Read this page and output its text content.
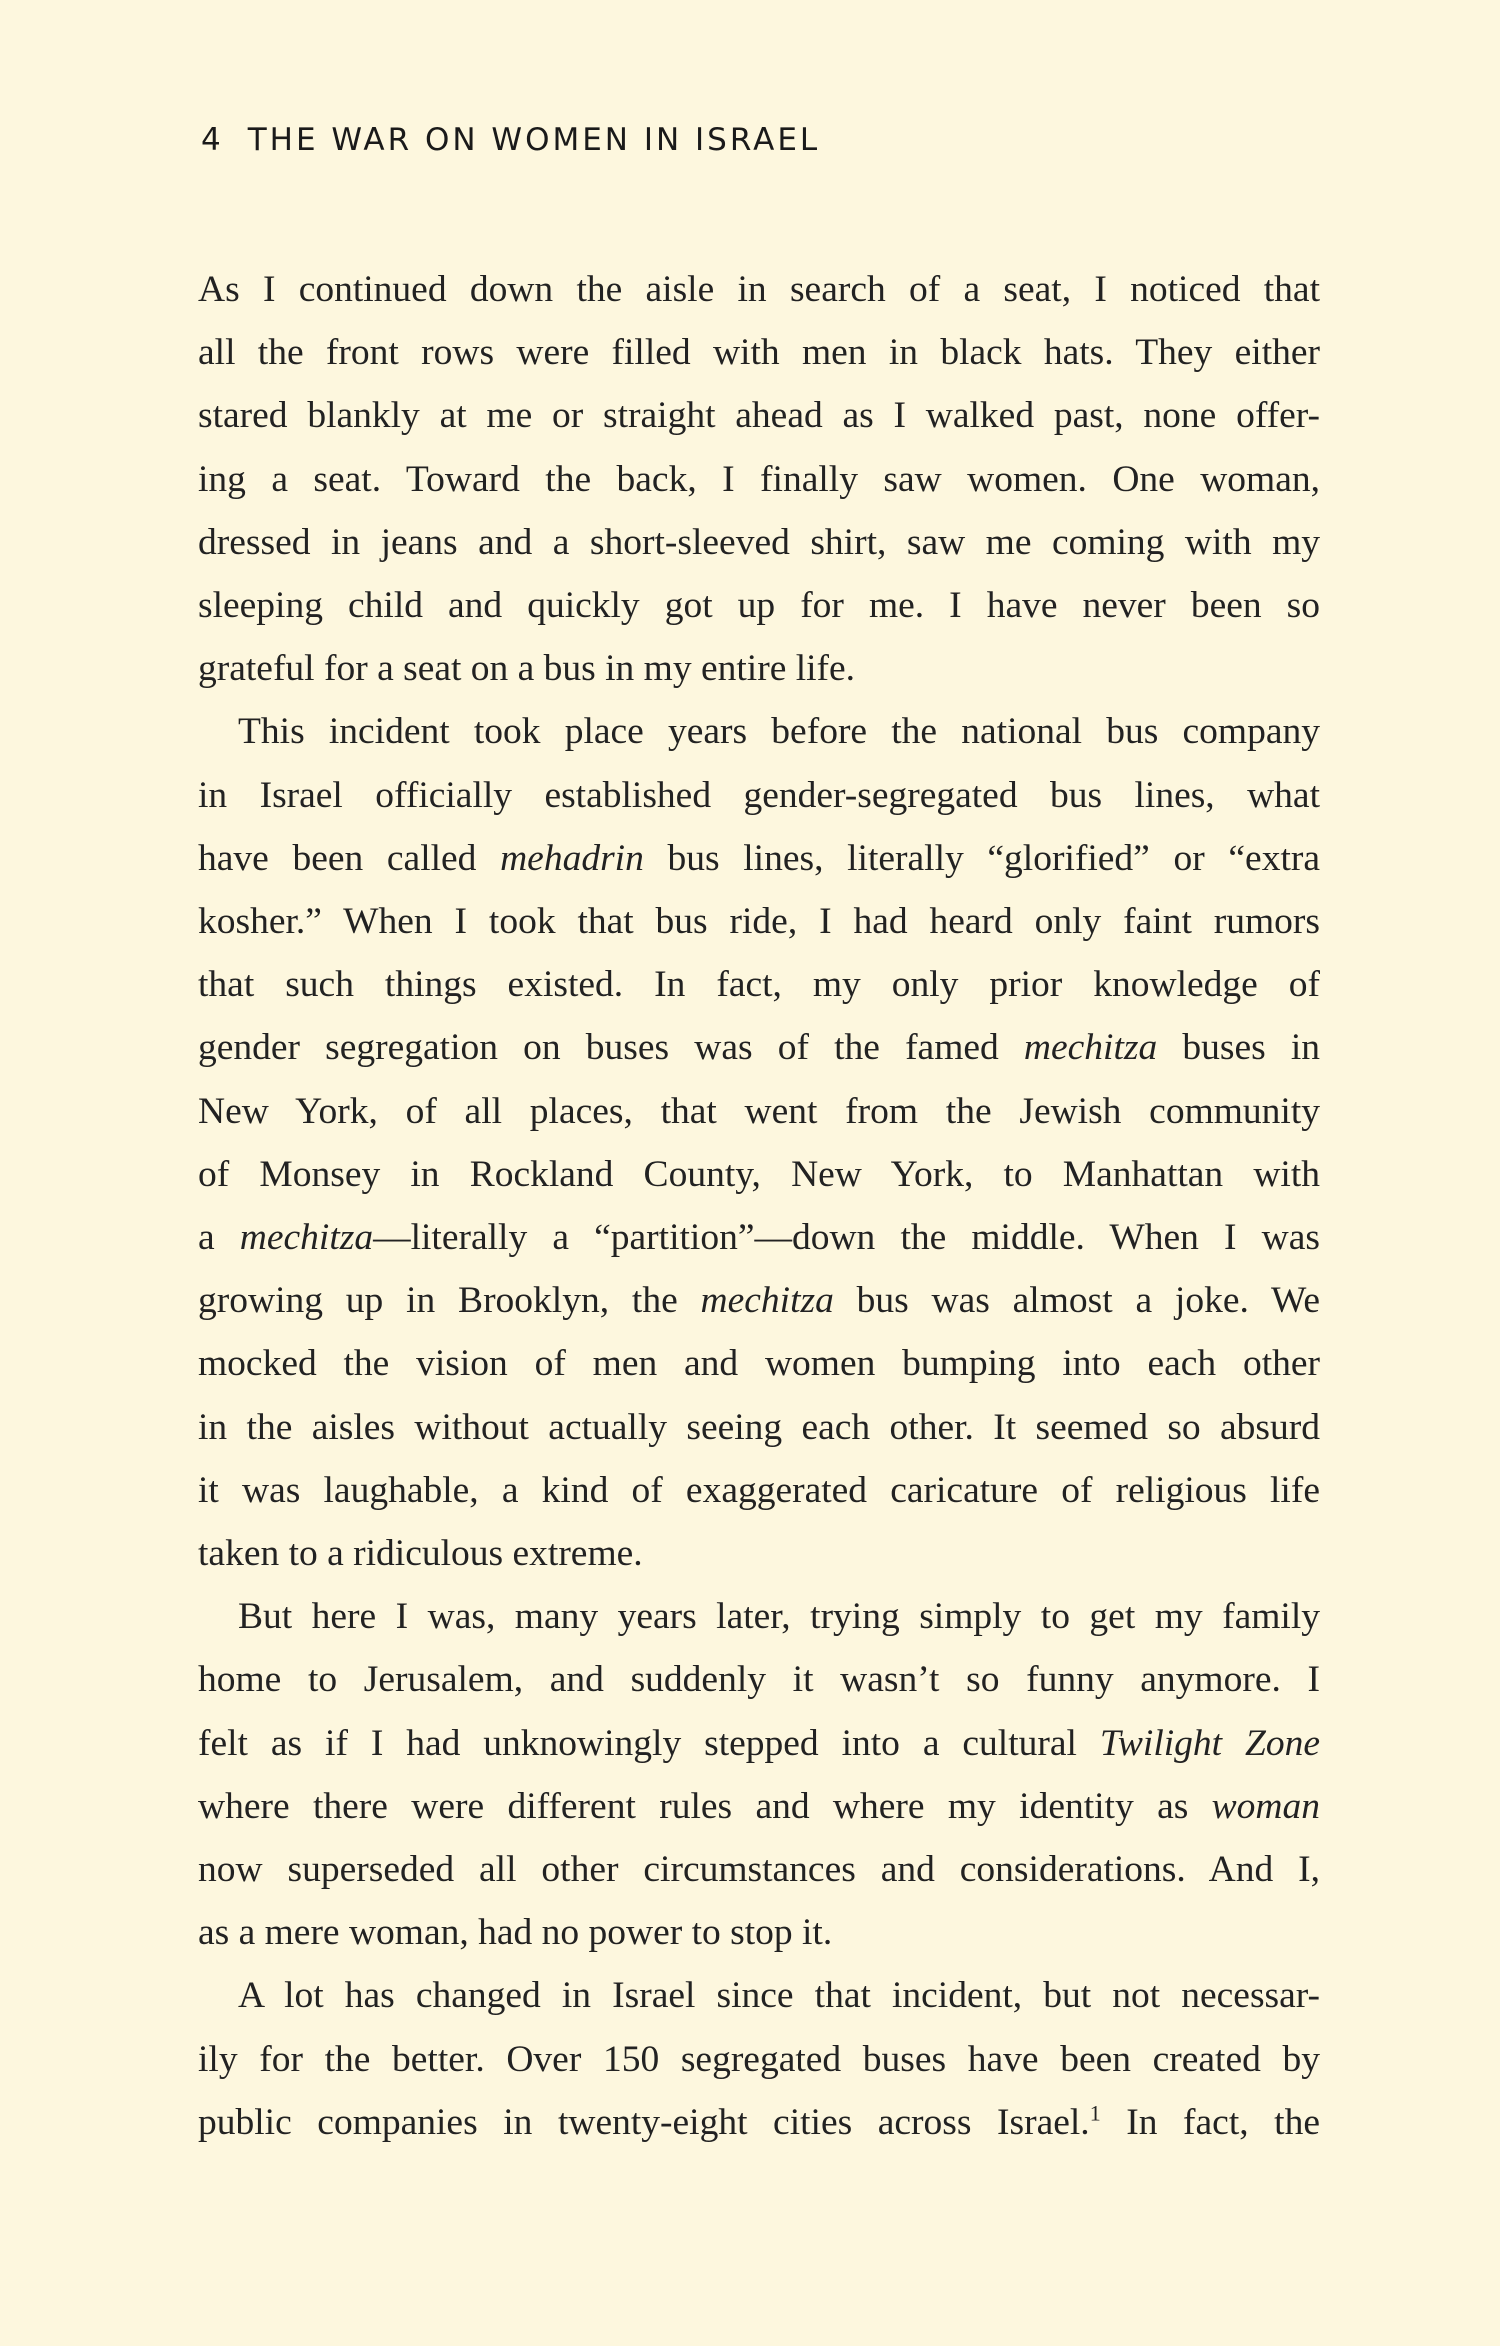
4 THE WAR ON WOMEN IN ISRAEL
As I continued down the aisle in search of a seat, I noticed that
all the front rows were filled with men in black hats. They either
stared blankly at me or straight ahead as I walked past, none offer-
ing a seat. Toward the back, I finally saw women. One woman,
dressed in jeans and a short-sleeved shirt, saw me coming with my
sleeping child and quickly got up for me. I have never been so
grateful for a seat on a bus in my entire life.
This incident took place years before the national bus company
in Israel officially established gender-segregated bus lines, what
have been called mehadrin bus lines, literally “glorified” or “extra
kosher.” When I took that bus ride, I had heard only faint rumors
that such things existed. In fact, my only prior knowledge of
gender segregation on buses was of the famed mechitza buses in
New York, of all places, that went from the Jewish community
of Monsey in Rockland County, New York, to Manhattan with
a mechitza—literally a “partition”—down the middle. When I was
growing up in Brooklyn, the mechitza bus was almost a joke. We
mocked the vision of men and women bumping into each other
in the aisles without actually seeing each other. It seemed so absurd
it was laughable, a kind of exaggerated caricature of religious life
taken to a ridiculous extreme.
But here I was, many years later, trying simply to get my family
home to Jerusalem, and suddenly it wasn’t so funny anymore. I
felt as if I had unknowingly stepped into a cultural Twilight Zone
where there were different rules and where my identity as woman
now superseded all other circumstances and considerations. And I,
as a mere woman, had no power to stop it.
A lot has changed in Israel since that incident, but not necessar-
ily for the better. Over 150 segregated buses have been created by
public companies in twenty-eight cities across Israel.$^1$ In fact, the
